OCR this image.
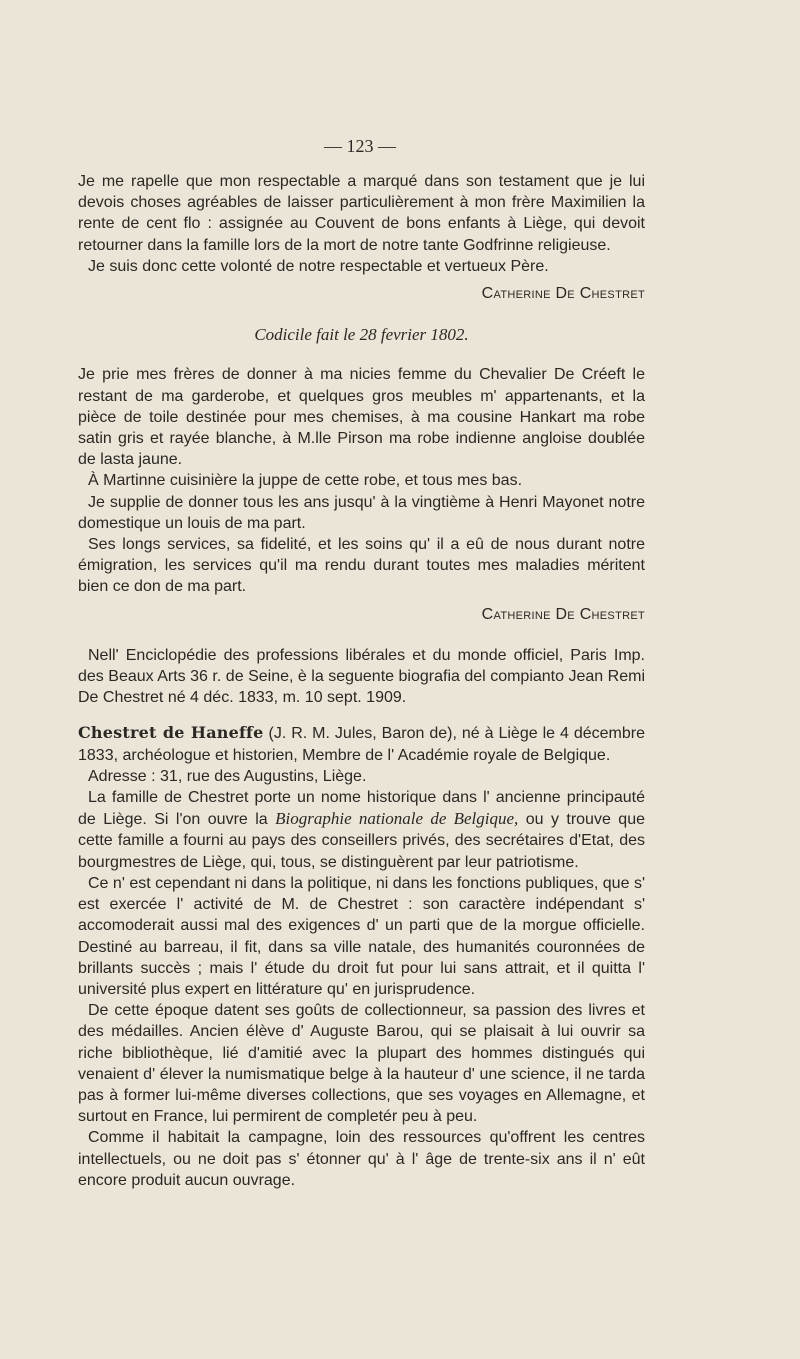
— 123 —

Je me rapelle que mon respectable a marqué dans son testament que je lui devois choses agréables de laisser particulièrement à mon frère Maximilien la rente de cent flo : assignée au Couvent de bons enfants à Liège, qui devoit retourner dans la famille lors de la mort de notre tante Godfrinne religieuse.

Je suis donc cette volonté de notre respectable et vertueux Père.

Catherine De Chestret

Codicile fait le 28 fevrier 1802.

Je prie mes frères de donner à ma nicies femme du Chevalier De Créeft le restant de ma garderobe, et quelques gros meubles m' appartenants, et la pièce de toile destinée pour mes chemises, à ma cousine Hankart ma robe satin gris et rayée blanche, à M.lle Pirson ma robe indienne angloise doublée de lasta jaune.

À Martinne cuisinière la juppe de cette robe, et tous mes bas.

Je supplie de donner tous les ans jusqu' à la vingtième à Henri Mayonet notre domestique un louis de ma part.

Ses longs services, sa fidelité, et les soins qu' il a eû de nous durant notre émigration, les services qu'il ma rendu durant toutes mes maladies méritent bien ce don de ma part.

Catherine De Chestret

Nell' Enciclopédie des professions libérales et du monde officiel, Paris Imp. des Beaux Arts 36 r. de Seine, è la seguente biografia del compianto Jean Remi De Chestret né 4 déc. 1833, m. 10 sept. 1909.

Chestret de Haneffe (J. R. M. Jules, Baron de), né à Liège le 4 décembre 1833, archéologue et historien, Membre de l' Académie royale de Belgique.

Adresse : 31, rue des Augustins, Liège.

La famille de Chestret porte un nome historique dans l' ancienne principauté de Liège. Si l'on ouvre la Biographie nationale de Belgique, ou y trouve que cette famille a fourni au pays des conseillers privés, des secrétaires d'Etat, des bourgmestres de Liège, qui, tous, se distinguèrent par leur patriotisme.

Ce n' est cependant ni dans la politique, ni dans les fonctions publiques, que s' est exercée l' activité de M. de Chestret : son caractère indépendant s' accomoderait aussi mal des exigences d' un parti que de la morgue officielle. Destiné au barreau, il fit, dans sa ville natale, des humanités couronnées de brillants succès ; mais l' étude du droit fut pour lui sans attrait, et il quitta l' université plus expert en littérature qu' en jurisprudence.

De cette époque datent ses goûts de collectionneur, sa passion des livres et des médailles. Ancien élève d' Auguste Barou, qui se plaisait à lui ouvrir sa riche bibliothèque, lié d'amitié avec la plupart des hommes distingués qui venaient d' élever la numismatique belge à la hauteur d' une science, il ne tarda pas à former lui-même diverses collections, que ses voyages en Allemagne, et surtout en France, lui permirent de completér peu à peu.

Comme il habitait la campagne, loin des ressources qu'offrent les centres intellectuels, ou ne doit pas s' étonner qu' à l' âge de trente-six ans il n' eût encore produit aucun ouvrage.
